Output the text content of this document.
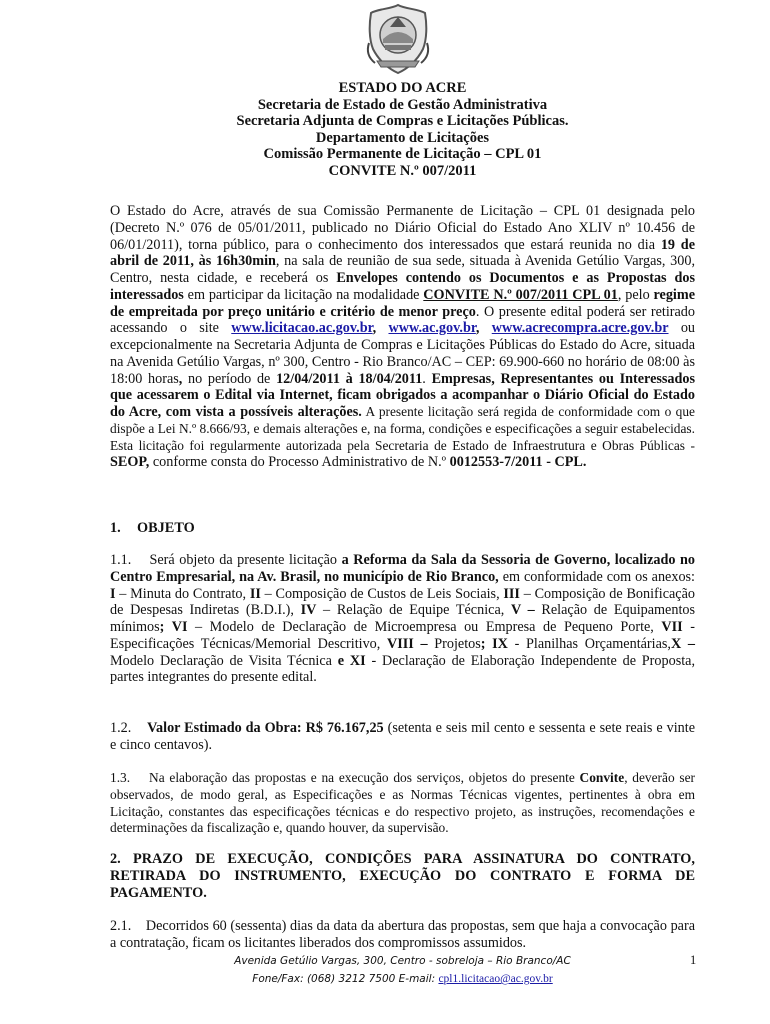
ESTADO DO ACRE
Secretaria de Estado de Gestão Administrativa
Secretaria Adjunta de Compras e Licitações Públicas.
Departamento de Licitações
Comissão Permanente de Licitação – CPL 01
CONVITE N.º 007/2011

O Estado do Acre, através de sua Comissão Permanente de Licitação – CPL 01 designada pelo (Decreto N.º 076 de 05/01/2011, publicado no Diário Oficial do Estado Ano XLIV nº 10.456 de 06/01/2011), torna público, para o conhecimento dos interessados que estará reunida no dia 19 de abril de 2011, às 16h30min, na sala de reunião de sua sede, situada à Avenida Getúlio Vargas, 300, Centro, nesta cidade, e receberá os Envelopes contendo os Documentos e as Propostas dos interessados em participar da licitação na modalidade CONVITE N.º 007/2011 CPL 01, pelo regime de empreitada por preço unitário e critério de menor preço. O presente edital poderá ser retirado acessando o site www.licitacao.ac.gov.br, www.ac.gov.br, www.acrecompra.acre.gov.br ou excepcionalmente na Secretaria Adjunta de Compras e Licitações Públicas do Estado do Acre, situada na Avenida Getúlio Vargas, nº 300, Centro - Rio Branco/AC – CEP: 69.900-660 no horário de 08:00 às 18:00 horas, no período de 12/04/2011 à 18/04/2011. Empresas, Representantes ou Interessados que acessarem o Edital via Internet, ficam obrigados a acompanhar o Diário Oficial do Estado do Acre, com vista a possíveis alterações. A presente licitação será regida de conformidade com o que dispõe a Lei N.º 8.666/93, e demais alterações e, na forma, condições e especificações a seguir estabelecidas. Esta licitação foi regularmente autorizada pela Secretaria de Estado de Infraestrutura e Obras Públicas - SEOP, conforme consta do Processo Administrativo de N.º 0012553-7/2011 - CPL.

1. OBJETO

1.1. Será objeto da presente licitação a Reforma da Sala da Sessoria de Governo, localizado no Centro Empresarial, na Av. Brasil, no município de Rio Branco, em conformidade com os anexos: I – Minuta do Contrato, II – Composição de Custos de Leis Sociais, III – Composição de Bonificação de Despesas Indiretas (B.D.I.), IV – Relação de Equipe Técnica, V – Relação de Equipamentos mínimos; VI – Modelo de Declaração de Microempresa ou Empresa de Pequeno Porte, VII - Especificações Técnicas/Memorial Descritivo, VIII – Projetos; IX - Planilhas Orçamentárias,X – Modelo Declaração de Visita Técnica e XI - Declaração de Elaboração Independente de Proposta, partes integrantes do presente edital.

1.2. Valor Estimado da Obra: R$ 76.167,25 (setenta e seis mil cento e sessenta e sete reais e vinte e cinco centavos).

1.3. Na elaboração das propostas e na execução dos serviços, objetos do presente Convite, deverão ser observados, de modo geral, as Especificações e as Normas Técnicas vigentes, pertinentes à obra em Licitação, constantes das especificações técnicas e do respectivo projeto, as instruções, recomendações e determinações da fiscalização e, quando houver, da supervisão.

2. PRAZO DE EXECUÇÃO, CONDIÇÕES PARA ASSINATURA DO CONTRATO, RETIRADA DO INSTRUMENTO, EXECUÇÃO DO CONTRATO E FORMA DE PAGAMENTO.

2.1. Decorridos 60 (sessenta) dias da data da abertura das propostas, sem que haja a convocação para a contratação, ficam os licitantes liberados dos compromissos assumidos.

Avenida Getúlio Vargas, 300, Centro - sobreloja – Rio Branco/AC
Fone/Fax: (068) 3212 7500 E-mail: cpl1.licitacao@ac.gov.br
1
